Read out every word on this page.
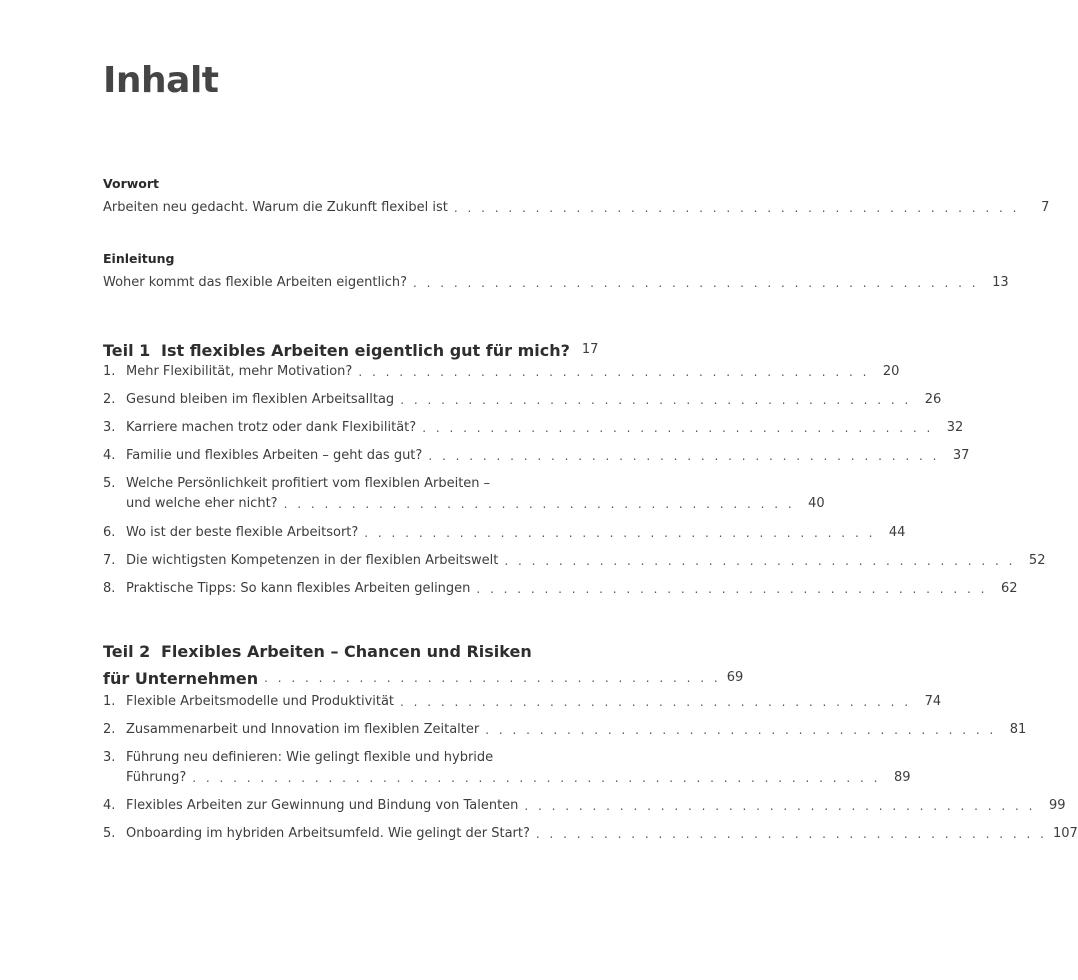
Inhalt
Vorwort
Arbeiten neu gedacht. Warum die Zukunft flexibel ist . . . . . . . . . . . . . . . . . . . . . . . . . . . . . . . . . . . . . . . . . .	7
Einleitung
Woher kommt das flexible Arbeiten eigentlich? . . . . . . . . . . . . . . . . . . . . . . . . . . . . . . . . . . . . . . . . . .	13
Teil 1 Ist flexibles Arbeiten eigentlich gut für mich? 17
1. Mehr Flexibilität, mehr Motivation? . . . . . . . . . . . . . . . . . . . . . . . . . . . . . . . . . . . . . .	20
2. Gesund bleiben im flexiblen Arbeitsalltag . . . . . . . . . . . . . . . . . . . . . . . . . . . . . . . . . . . . . .	26
3. Karriere machen trotz oder dank Flexibilität? . . . . . . . . . . . . . . . . . . . . . . . . . . . . . . . . . . . . . .	32
4. Familie und flexibles Arbeiten – geht das gut? . . . . . . . . . . . . . . . . . . . . . . . . . . . . . . . . . . . . . .	37
5. Welche Persönlichkeit profitiert vom flexiblen Arbeiten –
und welche eher nicht? . . . . . . . . . . . . . . . . . . . . . . . . . . . . . . . . . . . . . .	40
6. Wo ist der beste flexible Arbeitsort? . . . . . . . . . . . . . . . . . . . . . . . . . . . . . . . . . . . . . .	44
7. Die wichtigsten Kompetenzen in der flexiblen Arbeitswelt . . . . . . . . . . . . . . . . . . . . . . . . . . . . . . . . . . . . . .	52
8. Praktische Tipps: So kann flexibles Arbeiten gelingen . . . . . . . . . . . . . . . . . . . . . . . . . . . . . . . . . . . . . .	62
Teil 2 Flexibles Arbeiten – Chancen und Risiken
für Unternehmen . . . . . . . . . . . . . . . . . . . . . . . . . . . . . . . . . . 69
1. Flexible Arbeitsmodelle und Produktivität . . . . . . . . . . . . . . . . . . . . . . . . . . . . . . . . . . . . . .	74
2. Zusammenarbeit und Innovation im flexiblen Zeitalter . . . . . . . . . . . . . . . . . . . . . . . . . . . . . . . . . . . . . .	81
3. Führung neu definieren: Wie gelingt flexible und hybride
Führung? . . . . . . . . . . . . . . . . . . . . . . . . . . . . . . . . . . . . . . . . . . . . . . . . . . .	89
4. Flexibles Arbeiten zur Gewinnung und Bindung von Talenten . . . . . . . . . . . . . . . . . . . . . . . . . . . . . . . . . . . . . .	99
5. Onboarding im hybriden Arbeitsumfeld. Wie gelingt der Start? . . . . . . . . . . . . . . . . . . . . . . . . . . . . . . . . . . . . . . 107
